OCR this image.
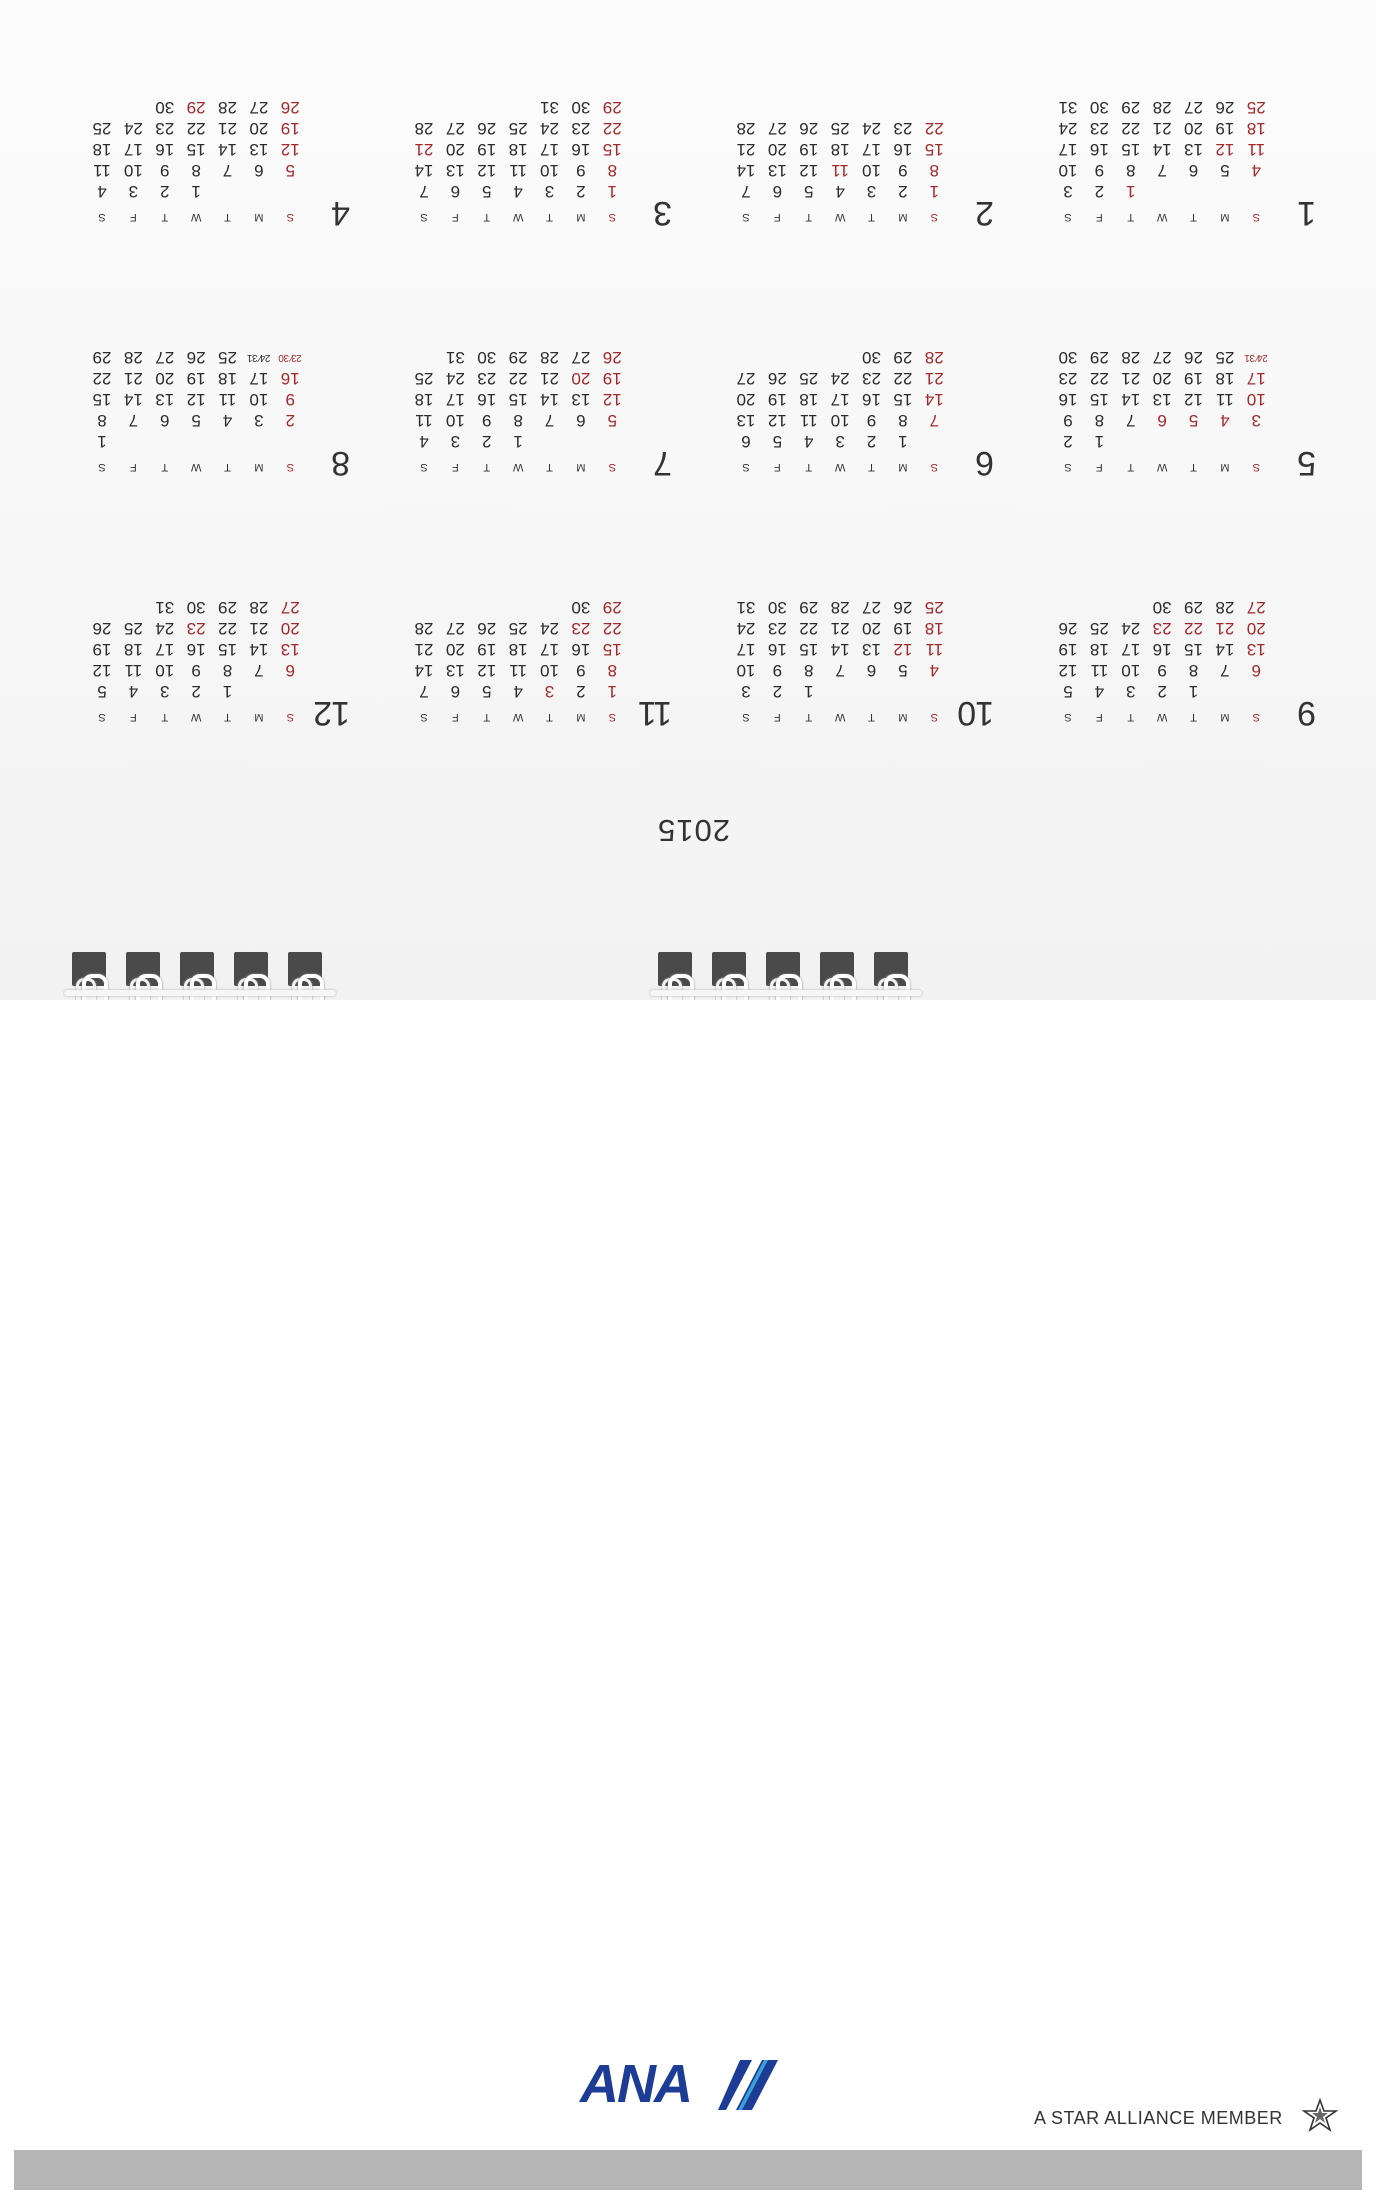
2015
1
S
M
T
W
T
F
S
1
2
3
4
5
6
7
8
9
10
11
12
13
14
15
16
17
18
19
20
21
22
23
24
25
26
27
28
29
30
31
2
S
M
T
W
T
F
S
1
2
3
4
5
6
7
8
9
10
11
12
13
14
15
16
17
18
19
20
21
22
23
24
25
26
27
28
3
S
M
T
W
T
F
S
1
2
3
4
5
6
7
8
9
10
11
12
13
14
15
16
17
18
19
20
21
22
23
24
25
26
27
28
29
30
31
4
S
M
T
W
T
F
S
1
2
3
4
5
6
7
8
9
10
11
12
13
14
15
16
17
18
19
20
21
22
23
24
25
26
27
28
29
30
5
S
M
T
W
T
F
S
1
2
3
4
5
6
7
8
9
10
11
12
13
14
15
16
17
18
19
20
21
22
23
24⁄ 31
25
26
27
28
29
30
6
S
M
T
W
T
F
S
1
2
3
4
5
6
7
8
9
10
11
12
13
14
15
16
17
18
19
20
21
22
23
24
25
26
27
28
29
30
7
S
M
T
W
T
F
S
1
2
3
4
5
6
7
8
9
10
11
12
13
14
15
16
17
18
19
20
21
22
23
24
25
26
27
28
29
30
31
8
S
M
T
W
T
F
S
1
2
3
4
5
6
7
8
9
10
11
12
13
14
15
16
17
18
19
20
21
22
23⁄ 30
24⁄ 31
25
26
27
28
29
9
S
M
T
W
T
F
S
1
2
3
4
5
6
7
8
9
10
11
12
13
14
15
16
17
18
19
20
21
22
23
24
25
26
27
28
29
30
10
S
M
T
W
T
F
S
1
2
3
4
5
6
7
8
9
10
11
12
13
14
15
16
17
18
19
20
21
22
23
24
25
26
27
28
29
30
31
11
S
M
T
W
T
F
S
1
2
3
4
5
6
7
8
9
10
11
12
13
14
15
16
17
18
19
20
21
22
23
24
25
26
27
28
29
30
12
S
M
T
W
T
F
S
1
2
3
4
5
6
7
8
9
10
11
12
13
14
15
16
17
18
19
20
21
22
23
24
25
26
27
28
29
30
31
ANA
A STAR ALLIANCE MEMBER
